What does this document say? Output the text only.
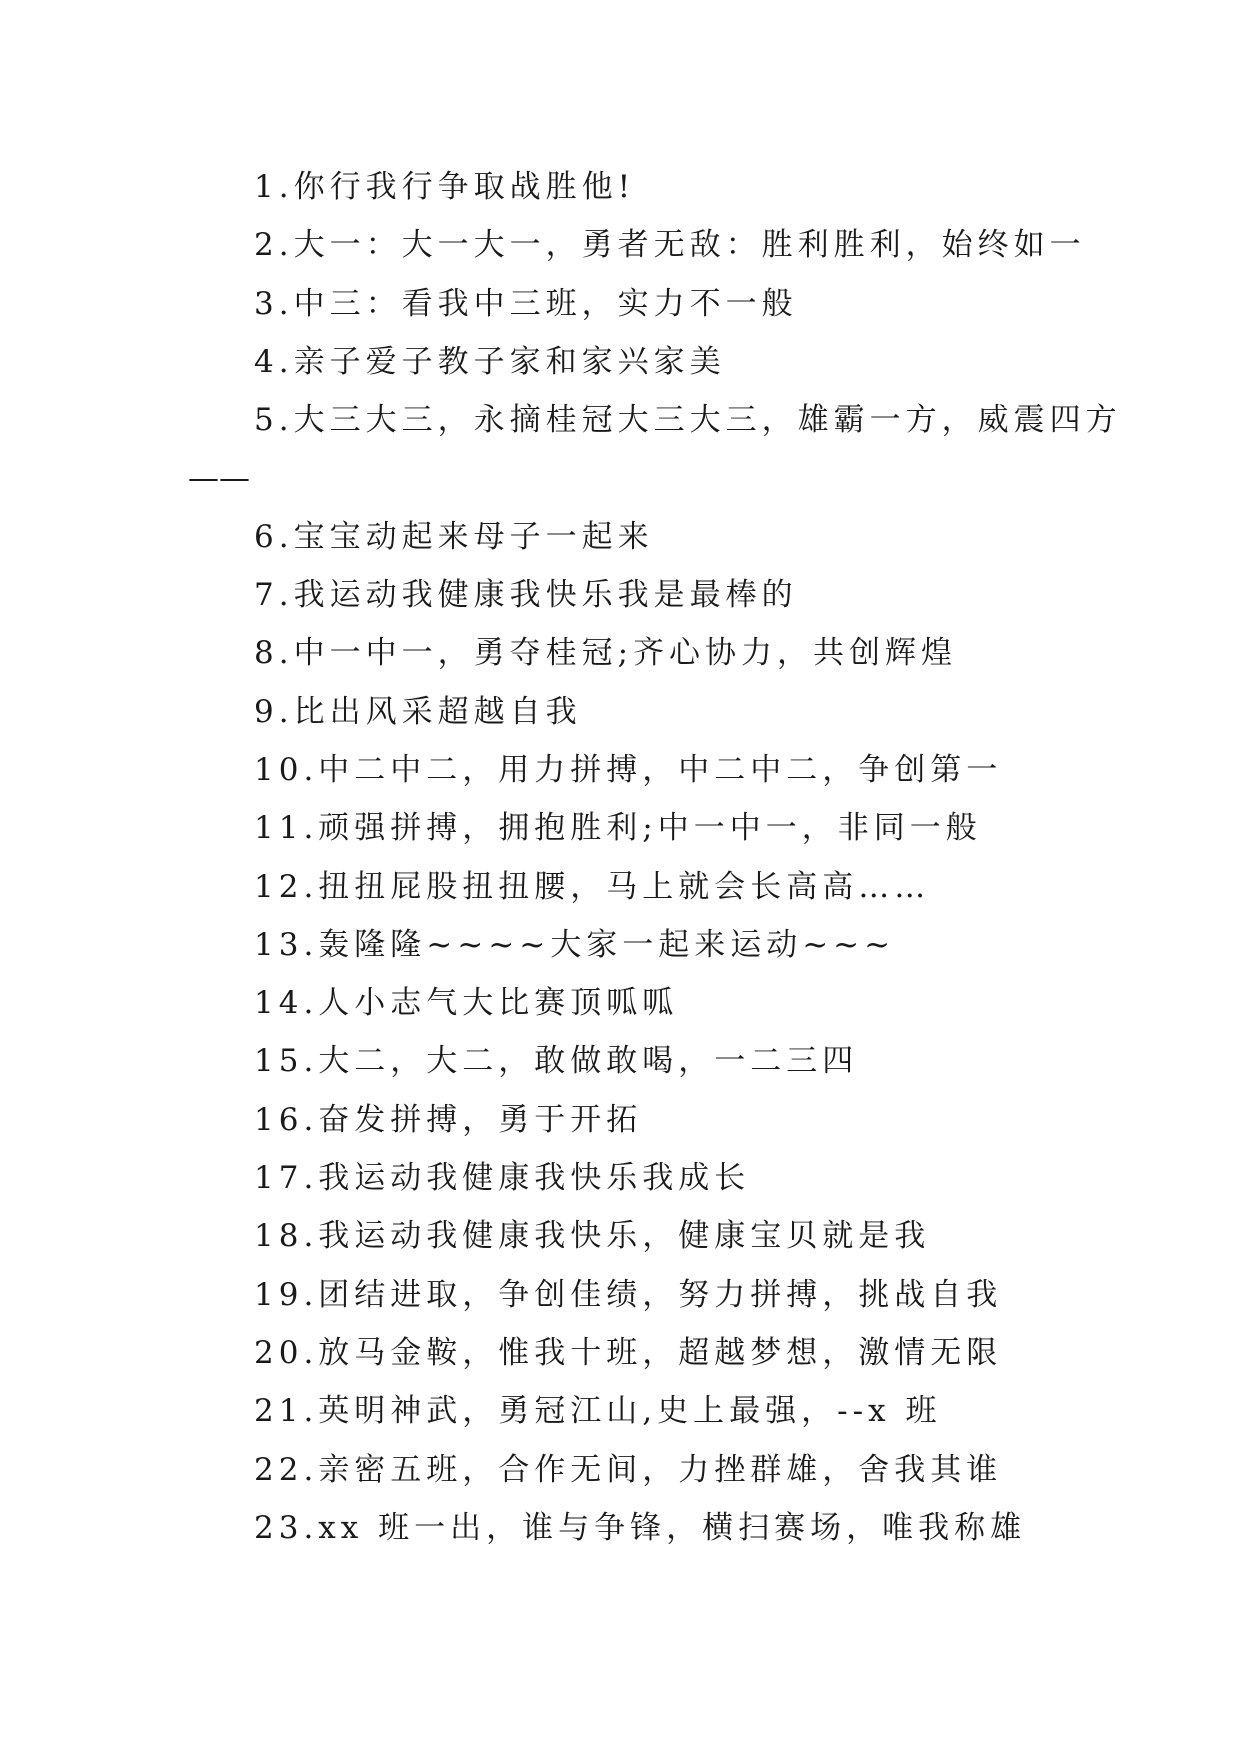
1.你行我行争取战胜他!
2.大一：大一大一，勇者无敌：胜利胜利，始终如一
3.中三：看我中三班，实力不一般
4.亲子爱子教子家和家兴家美
5.大三大三，永摘桂冠大三大三，雄霸一方，威震四方
——
6.宝宝动起来母子一起来
7.我运动我健康我快乐我是最棒的
8.中一中一，勇夺桂冠;齐心协力，共创辉煌
9.比出风采超越自我
10.中二中二，用力拼搏，中二中二，争创第一
11.顽强拼搏，拥抱胜利;中一中一，非同一般
12.扭扭屁股扭扭腰，马上就会长高高……
13.轰隆隆~~~~大家一起来运动~~~
14.人小志气大比赛顶呱呱
15.大二，大二，敢做敢喝，一二三四
16.奋发拼搏，勇于开拓
17.我运动我健康我快乐我成长
18.我运动我健康我快乐，健康宝贝就是我
19.团结进取，争创佳绩，努力拼搏，挑战自我
20.放马金鞍，惟我十班，超越梦想，激情无限
21.英明神武，勇冠江山,史上最强，--x 班
22.亲密五班，合作无间，力挫群雄，舍我其谁
23.xx 班一出，谁与争锋，横扫赛场，唯我称雄
